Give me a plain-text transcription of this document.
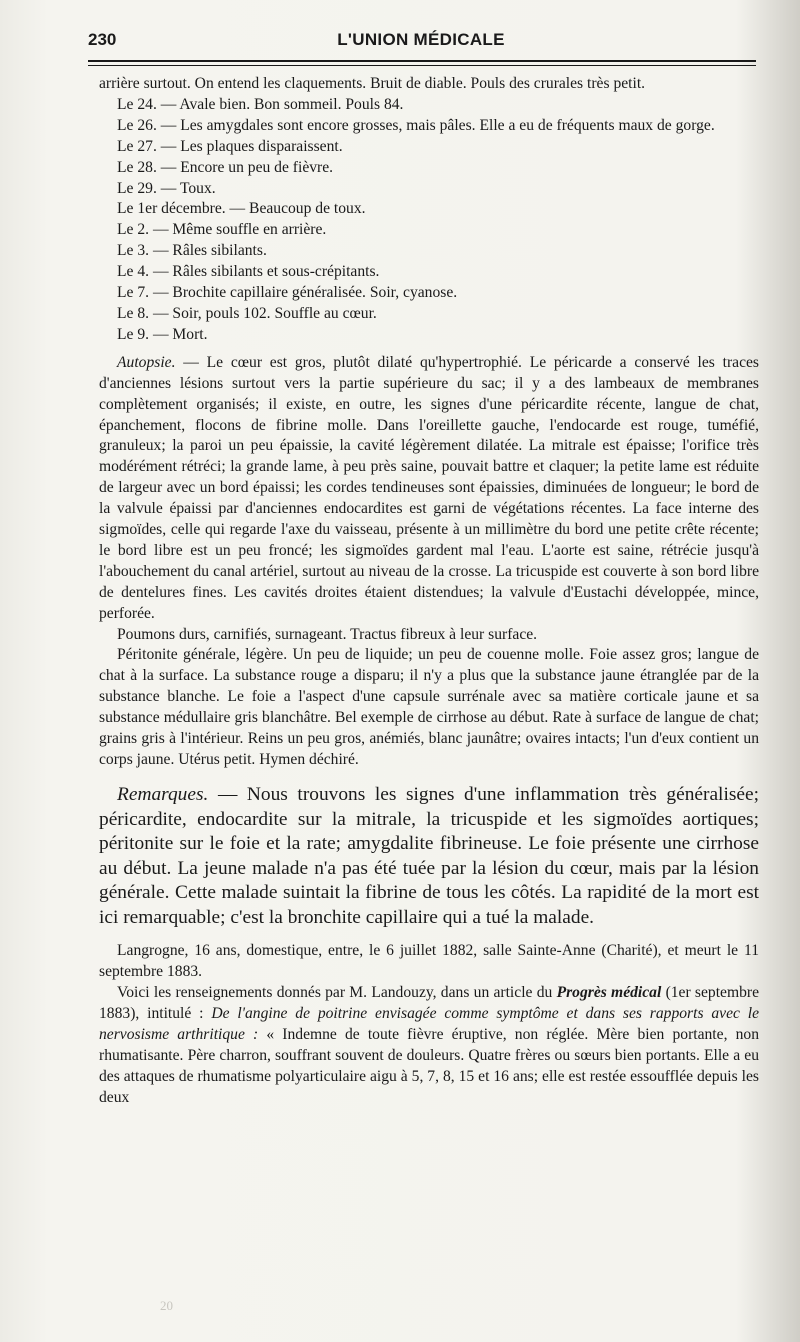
230	L'UNION MÉDICALE

arrière surtout. On entend les claquements. Bruit de diable. Pouls des crurales très petit.

Le 24. — Avale bien. Bon sommeil. Pouls 84.

Le 26. — Les amygdales sont encore grosses, mais pâles. Elle a eu de fréquents maux de gorge.

Le 27. — Les plaques disparaissent.

Le 28. — Encore un peu de fièvre.

Le 29. — Toux.

Le 1er décembre. — Beaucoup de toux.

Le 2. — Même souffle en arrière.

Le 3. — Râles sibilants.

Le 4. — Râles sibilants et sous-crépitants.

Le 7. — Brochite capillaire généralisée. Soir, cyanose.

Le 8. — Soir, pouls 102. Souffle au cœur.

Le 9. — Mort.

Autopsie. — Le cœur est gros, plutôt dilaté qu'hypertrophié. Le péricarde a conservé les traces d'anciennes lésions surtout vers la partie supérieure du sac; il y a des lambeaux de membranes complètement organisés; il existe, en outre, les signes d'une péricardite récente, langue de chat, épanchement, flocons de fibrine molle. Dans l'oreillette gauche, l'endocarde est rouge, tuméfié, granuleux; la paroi un peu épaissie, la cavité légèrement dilatée. La mitrale est épaisse; l'orifice très modérément rétréci; la grande lame, à peu près saine, pouvait battre et claquer; la petite lame est réduite de largeur avec un bord épaissi; les cordes tendineuses sont épaissies, diminuées de longueur; le bord de la valvule épaissi par d'anciennes endocardites est garni de végétations récentes. La face interne des sigmoïdes, celle qui regarde l'axe du vaisseau, présente à un millimètre du bord une petite crête récente; le bord libre est un peu froncé; les sigmoïdes gardent mal l'eau. L'aorte est saine, rétrécie jusqu'à l'abouchement du canal artériel, surtout au niveau de la crosse. La tricuspide est couverte à son bord libre de dentelures fines. Les cavités droites étaient distendues; la valvule d'Eustachi développée, mince, perforée.

Poumons durs, carnifiés, surnageant. Tractus fibreux à leur surface.

Péritonite générale, légère. Un peu de liquide; un peu de couenne molle. Foie assez gros; langue de chat à la surface. La substance rouge a disparu; il n'y a plus que la substance jaune étranglée par de la substance blanche. Le foie a l'aspect d'une capsule surrénale avec sa matière corticale jaune et sa substance médullaire gris blanchâtre. Bel exemple de cirrhose au début. Rate à surface de langue de chat; grains gris à l'intérieur. Reins un peu gros, anémiés, blanc jaunâtre; ovaires intacts; l'un d'eux contient un corps jaune. Utérus petit. Hymen déchiré.

Remarques. — Nous trouvons les signes d'une inflammation très généralisée; péricardite, endocardite sur la mitrale, la tricuspide et les sigmoïdes aortiques; péritonite sur le foie et la rate; amygdalite fibrineuse. Le foie présente une cirrhose au début. La jeune malade n'a pas été tuée par la lésion du cœur, mais par la lésion générale. Cette malade suintait la fibrine de tous les côtés. La rapidité de la mort est ici remarquable; c'est la bronchite capillaire qui a tué la malade.

Langrogne, 16 ans, domestique, entre, le 6 juillet 1882, salle Sainte-Anne (Charité), et meurt le 11 septembre 1883.

Voici les renseignements donnés par M. Landouzy, dans un article du Progrès médical (1er septembre 1883), intitulé : De l'angine de poitrine envisagée comme symptôme et dans ses rapports avec le nervosisme arthritique : « Indemne de toute fièvre éruptive, non réglée. Mère bien portante, non rhumatisante. Père charron, souffrant souvent de douleurs. Quatre frères ou sœurs bien portants. Elle a eu des attaques de rhumatisme polyarticulaire aigu à 5, 7, 8, 15 et 16 ans; elle est restée essoufflée depuis les deux

20
